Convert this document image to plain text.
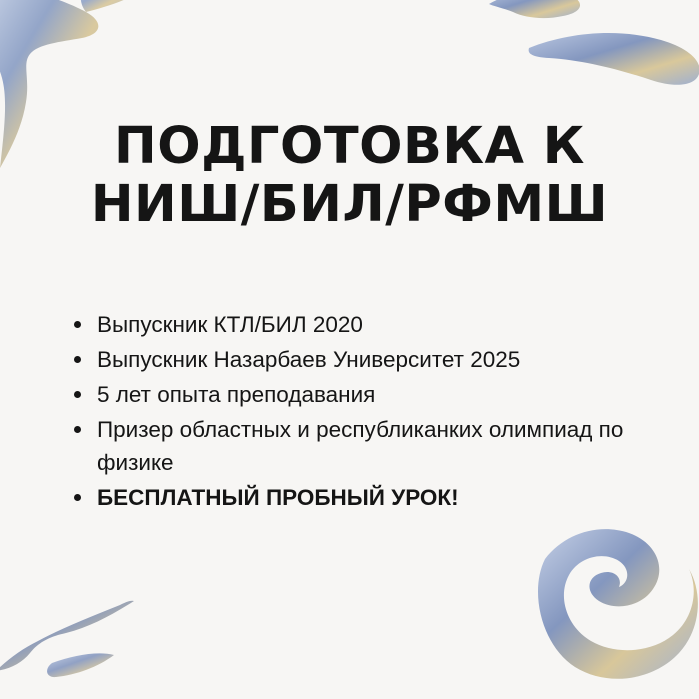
ПОДГОТОВКА К
НИШ/БИЛ/РФМШ
Выпускник КТЛ/БИЛ 2020
Выпускник Назарбаев Университет 2025
5 лет опыта преподавания
Призер областных и республиканких олимпиад по физике
БЕСПЛАТНЫЙ ПРОБНЫЙ УРОК!
